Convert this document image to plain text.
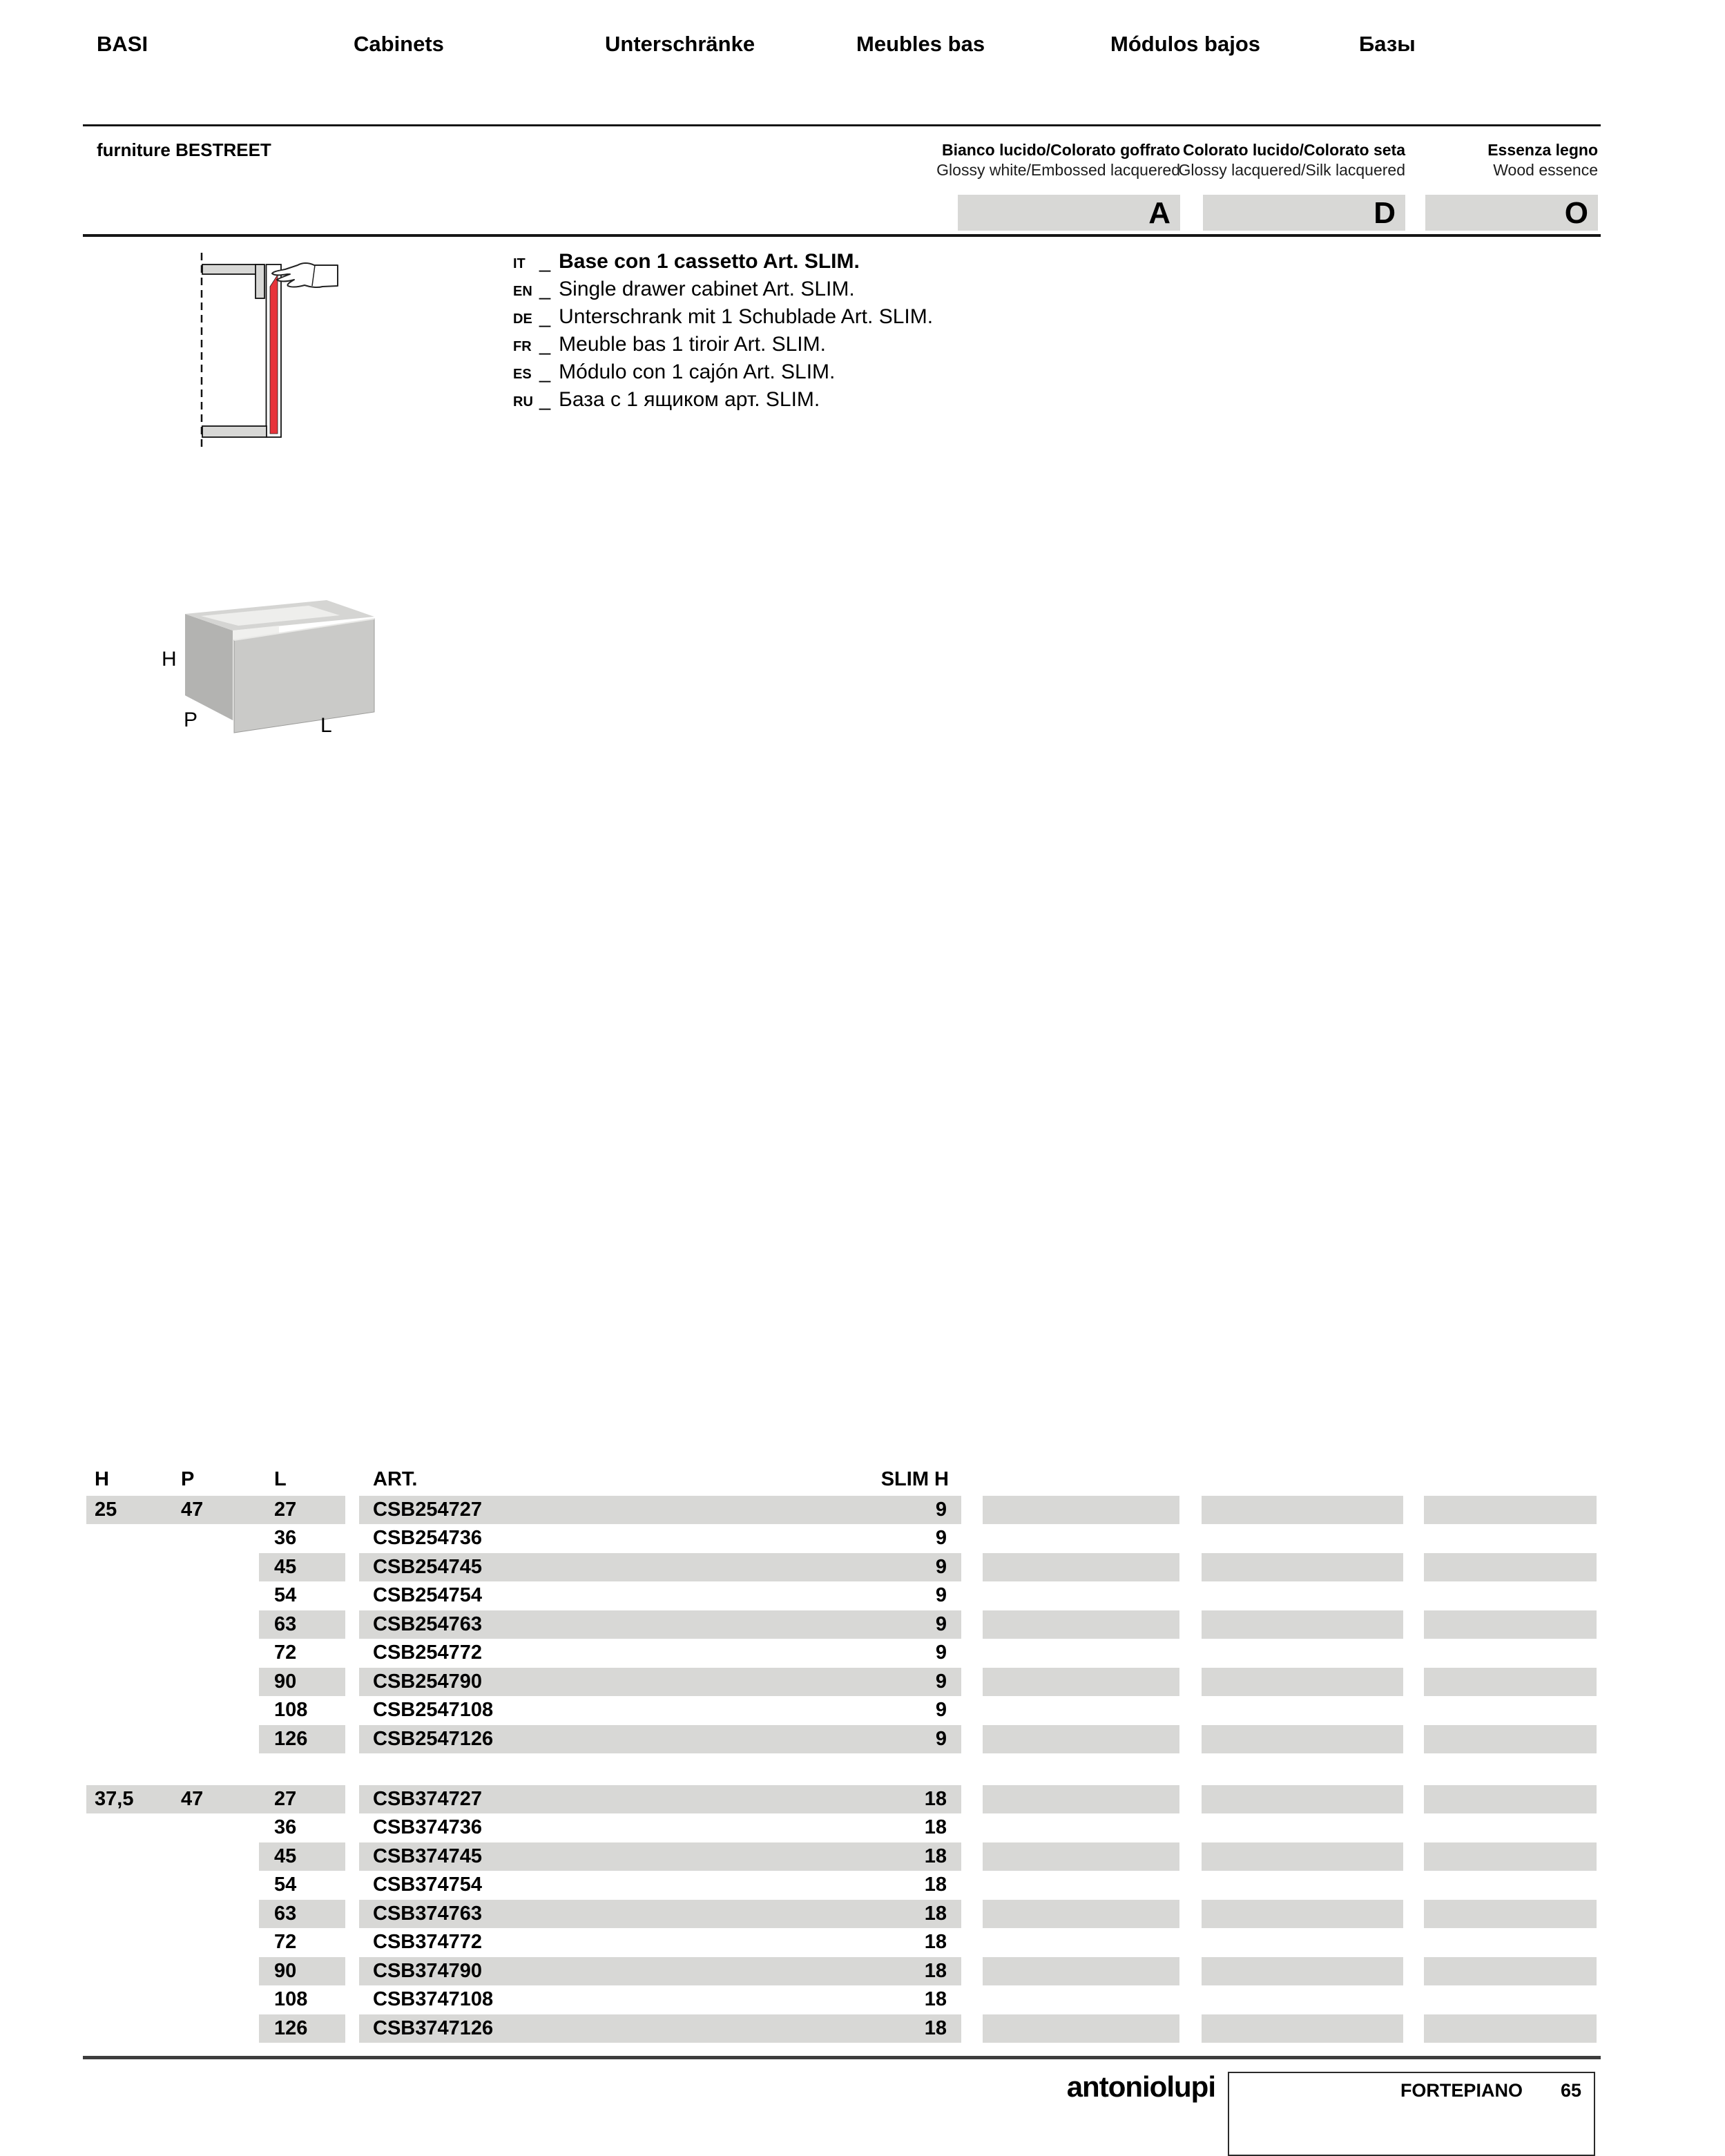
BASI	Cabinets	Unterschränke	Meubles bas	Módulos bajos	Базы
furniture BESTREET	Bianco lucido/Colorato goffrato
Glossy white/Embossed lacquered
Colorato lucido/Colorato seta
Glossy lacquered/Silk lacquered
Essenza legno
Wood essence
A	D	O
IT _ Base con 1 cassetto Art. SLIM.
EN _ Single drawer cabinet Art. SLIM.
DE _ Unterschrank mit 1 Schublade Art. SLIM.
FR _ Meuble bas 1 tiroir Art. SLIM.
ES _ Módulo con 1 cajón Art. SLIM.
RU _ База с 1 ящиком арт. SLIM.
H
P	L
H	P	L	ART.	SLIM H
25	47	27	CSB254727	9
36	CSB254736	9
45	CSB254745	9
54	CSB254754	9
63	CSB254763	9
72	CSB254772	9
90	CSB254790	9
108	CSB2547108	9
126	CSB2547126	9
37,5 47	27	CSB374727	18
36	CSB374736	18
45	CSB374745	18
54	CSB374754	18
63	CSB374763	18
72	CSB374772	18
90	CSB374790	18
108	CSB3747108	18
126	CSB3747126	18
antoniolupi	FORTEPIANO 65
